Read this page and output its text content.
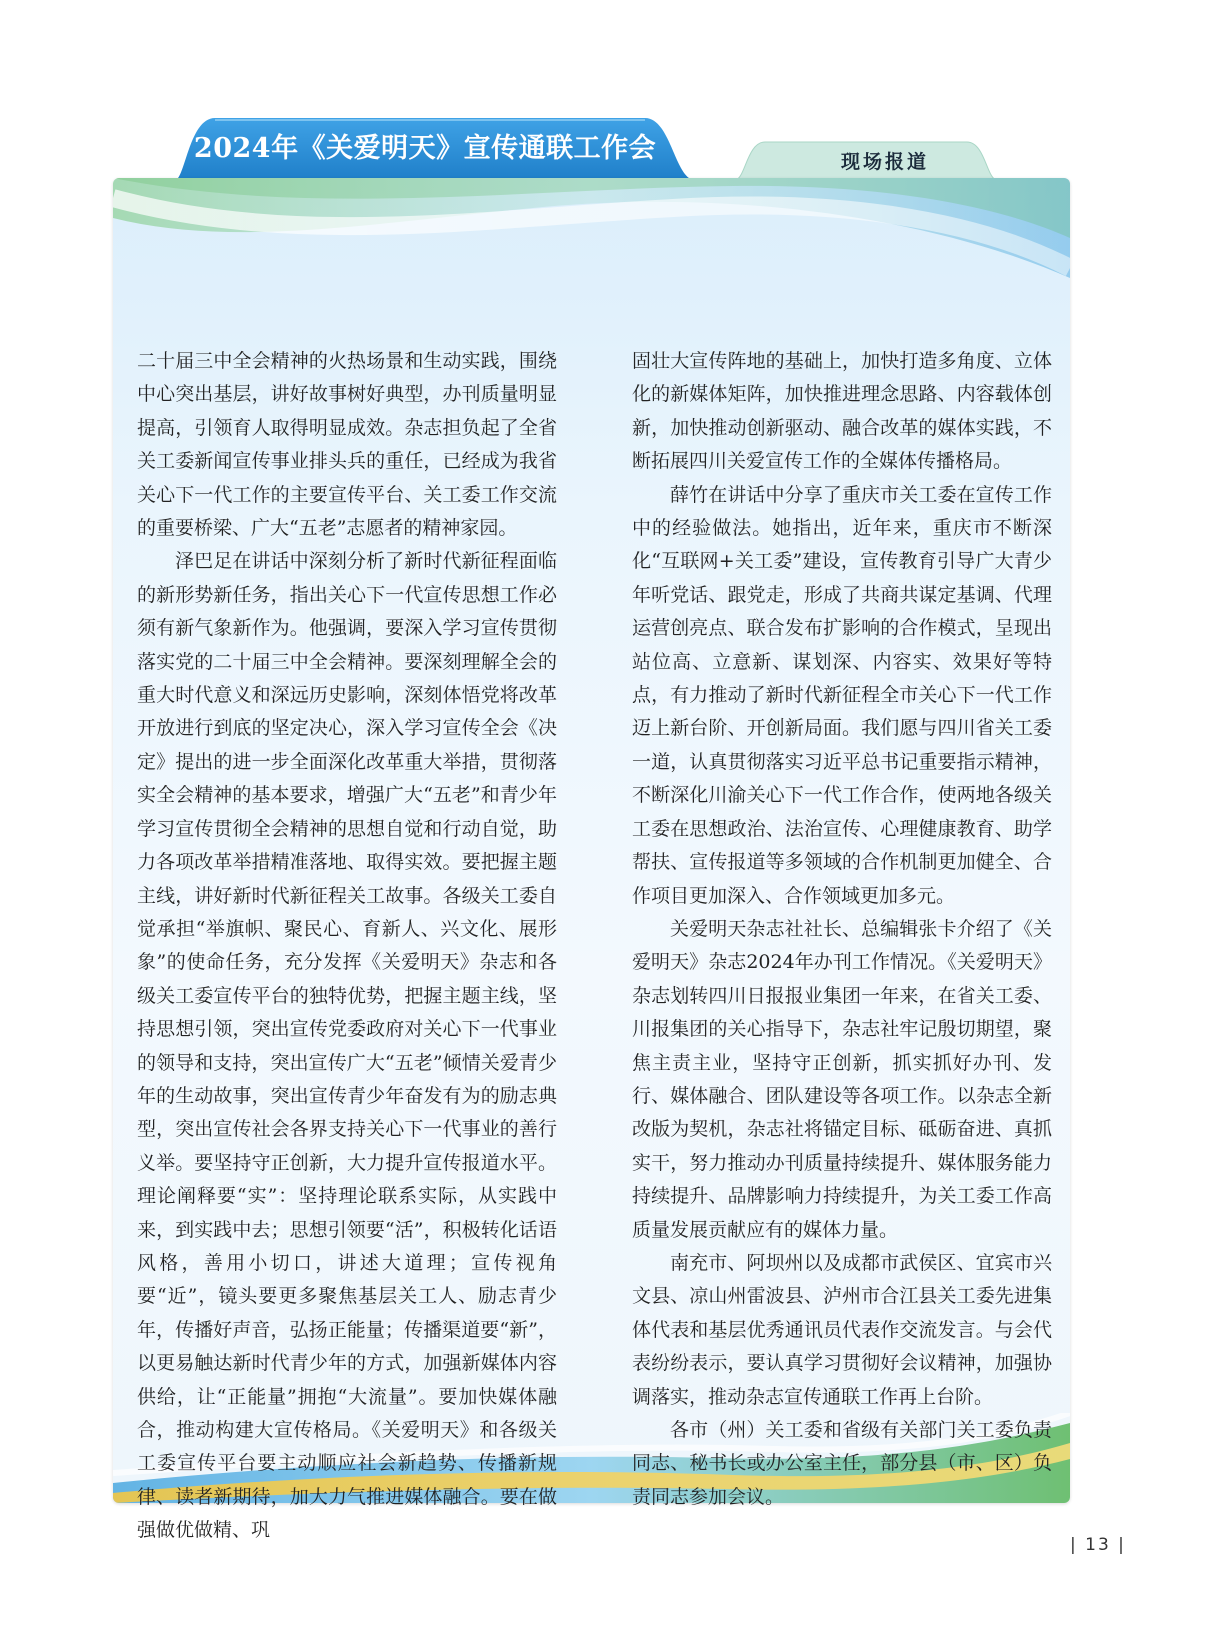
2024年《关爱明天》宣传通联工作会	现场报道

二十届三中全会精神的火热场景和生动实践，围绕中心突出基层，讲好故事树好典型，办刊质量明显提高，引领育人取得明显成效。杂志担负起了全省关工委新闻宣传事业排头兵的重任，已经成为我省关心下一代工作的主要宣传平台、关工委工作交流的重要桥梁、广大“五老”志愿者的精神家园。

泽巴足在讲话中深刻分析了新时代新征程面临的新形势新任务，指出关心下一代宣传思想工作必须有新气象新作为。他强调，要深入学习宣传贯彻落实党的二十届三中全会精神。要深刻理解全会的重大时代意义和深远历史影响，深刻体悟党将改革开放进行到底的坚定决心，深入学习宣传全会《决定》提出的进一步全面深化改革重大举措，贯彻落实全会精神的基本要求，增强广大“五老”和青少年学习宣传贯彻全会精神的思想自觉和行动自觉，助力各项改革举措精准落地、取得实效。要把握主题主线，讲好新时代新征程关工故事。各级关工委自觉承担“举旗帜、聚民心、育新人、兴文化、展形象”的使命任务，充分发挥《关爱明天》杂志和各级关工委宣传平台的独特优势，把握主题主线，坚持思想引领，突出宣传党委政府对关心下一代事业的领导和支持，突出宣传广大“五老”倾情关爱青少年的生动故事，突出宣传青少年奋发有为的励志典型，突出宣传社会各界支持关心下一代事业的善行义举。要坚持守正创新，大力提升宣传报道水平。理论阐释要“实”：坚持理论联系实际，从实践中来，到实践中去；思想引领要“活”，积极转化话语风格，善用小切口，讲述大道理；宣传视角要“近”，镜头要更多聚焦基层关工人、励志青少年，传播好声音，弘扬正能量；传播渠道要“新”，以更易触达新时代青少年的方式，加强新媒体内容供给，让“正能量”拥抱“大流量”。要加快媒体融合，推动构建大宣传格局。《关爱明天》和各级关工委宣传平台要主动顺应社会新趋势、传播新规律、读者新期待，加大力气推进媒体融合。要在做强做优做精、巩

固壮大宣传阵地的基础上，加快打造多角度、立体化的新媒体矩阵，加快推进理念思路、内容载体创新，加快推动创新驱动、融合改革的媒体实践，不断拓展四川关爱宣传工作的全媒体传播格局。

薛竹在讲话中分享了重庆市关工委在宣传工作中的经验做法。她指出，近年来，重庆市不断深化“互联网+关工委”建设，宣传教育引导广大青少年听党话、跟党走，形成了共商共谋定基调、代理运营创亮点、联合发布扩影响的合作模式，呈现出站位高、立意新、谋划深、内容实、效果好等特点，有力推动了新时代新征程全市关心下一代工作迈上新台阶、开创新局面。我们愿与四川省关工委一道，认真贯彻落实习近平总书记重要指示精神，不断深化川渝关心下一代工作合作，使两地各级关工委在思想政治、法治宣传、心理健康教育、助学帮扶、宣传报道等多领域的合作机制更加健全、合作项目更加深入、合作领域更加多元。

关爱明天杂志社社长、总编辑张卡介绍了《关爱明天》杂志2024年办刊工作情况。《关爱明天》杂志划转四川日报报业集团一年来，在省关工委、川报集团的关心指导下，杂志社牢记殷切期望，聚焦主责主业，坚持守正创新，抓实抓好办刊、发行、媒体融合、团队建设等各项工作。以杂志全新改版为契机，杂志社将锚定目标、砥砺奋进、真抓实干，努力推动办刊质量持续提升、媒体服务能力持续提升、品牌影响力持续提升，为关工委工作高质量发展贡献应有的媒体力量。

南充市、阿坝州以及成都市武侯区、宜宾市兴文县、凉山州雷波县、泸州市合江县关工委先进集体代表和基层优秀通讯员代表作交流发言。与会代表纷纷表示，要认真学习贯彻好会议精神，加强协调落实，推动杂志宣传通联工作再上台阶。

各市（州）关工委和省级有关部门关工委负责同志、秘书长或办公室主任，部分县（市、区）负责同志参加会议。

| 13 |
